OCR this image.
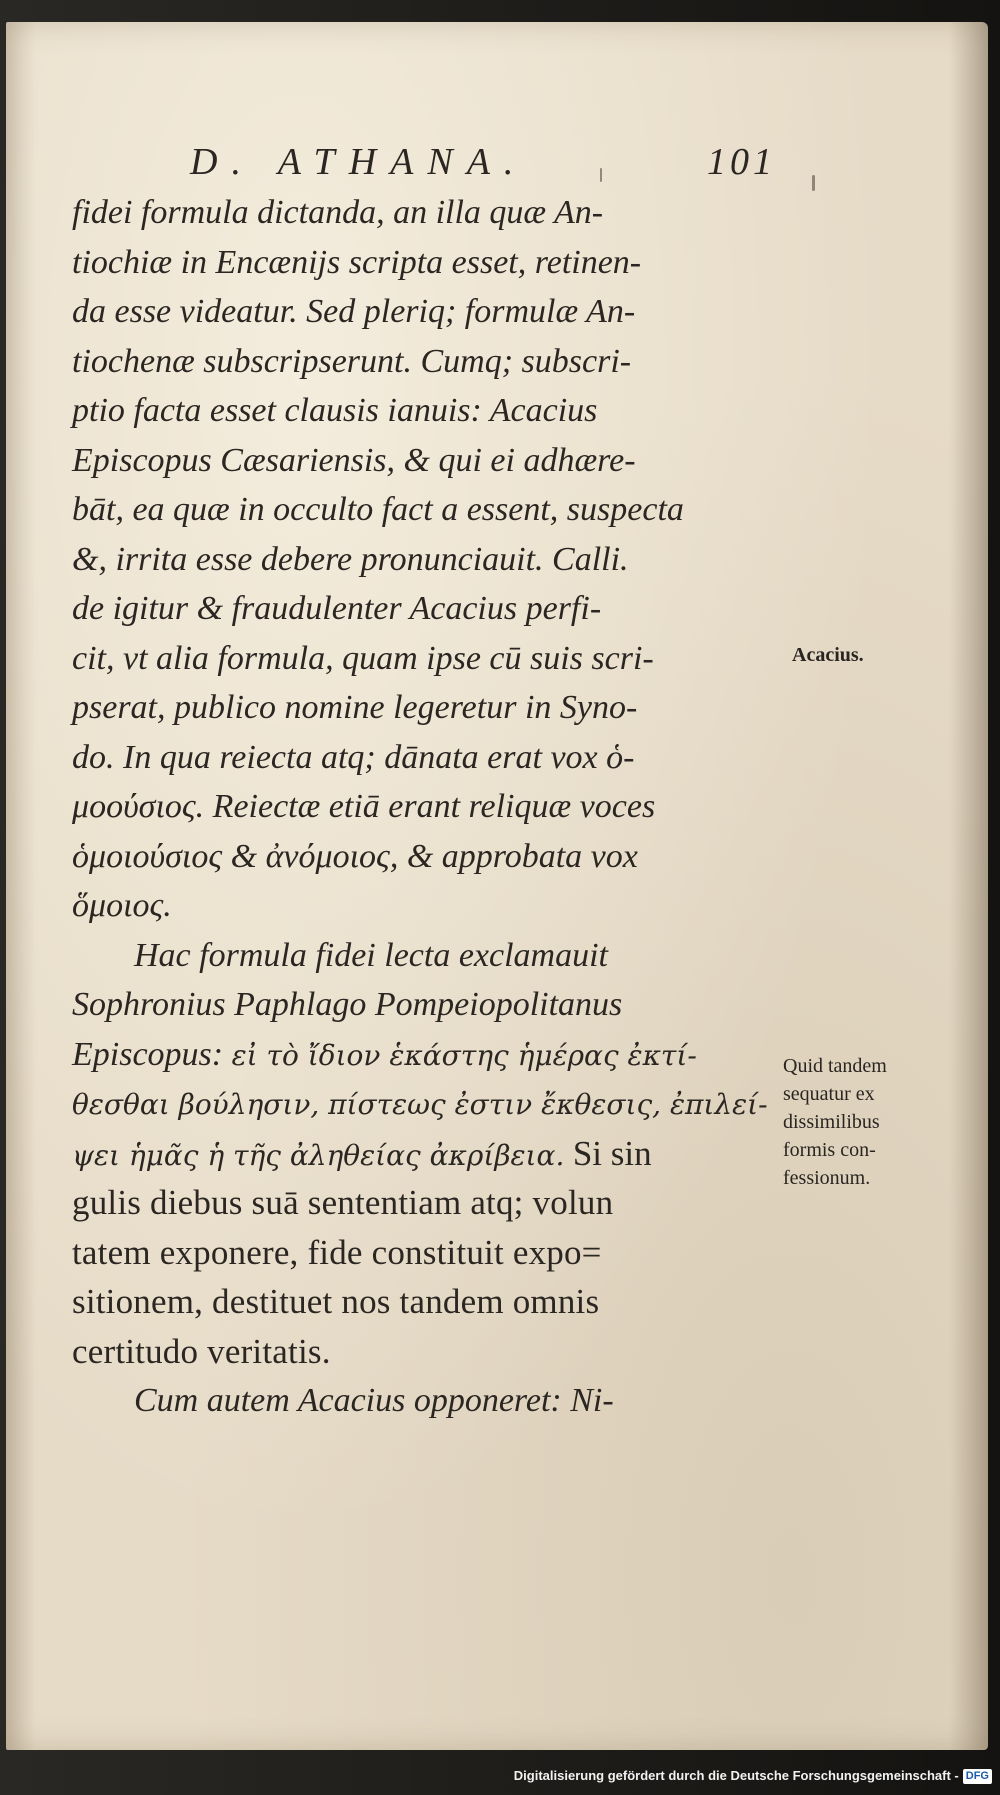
D. ATHANA.	101
fidei formula dictanda, an illa quæ An-
tiochiæ in Encænijs scripta esset, retinen-
da esse videatur. Sed pleriq; formulæ An-
tiochenæ subscripserunt. Cumq; subscri-
ptio facta esset clausis ianuis: Acacius
Episcopus Cæsariensis, & qui ei adhære-
bāt, ea quæ in occulto fact a essent, suspecta
&, irrita esse debere pronunciauit. Calli.
de igitur & fraudulenter Acacius perfi-
cit, vt alia formula, quam ipse cū suis scri-
pserat, publico nomine legeretur in Syno-
do. In qua reiecta atq; dānata erat vox ὁ-
μοούσιος. Reiectæ etiā erant reliquæ voces
ὁμοιούσιος & ἀνόμοιος, & approbata vox
ὅμοιος.
Hac formula fidei lecta exclamauit
Sophronius Paphlago Pompeiopolitanus
Episcopus: εἰ τὸ ἴδιον ἑκάστης ἡμέρας ἐκτί-
θεσθαι βούλησιν, πίστεως ἐστιν ἔκθεσις, ἐπιλεί-
ψει ἡμᾶς ἡ τῆς ἀληθείας ἀκρίβεια. Si sin
gulis diebus suā sententiam atq; volun
tatem exponere, fide constituit expo=
sitionem, destituet nos tandem omnis
certitudo veritatis.
Cum autem Acacius opponeret: Ni-
Acacius.
Quid tandem
sequatur ex
dissimilibus
formis con-
fessionum.
Digitalisierung gefördert durch die Deutsche Forschungsgemeinschaft - DFG
